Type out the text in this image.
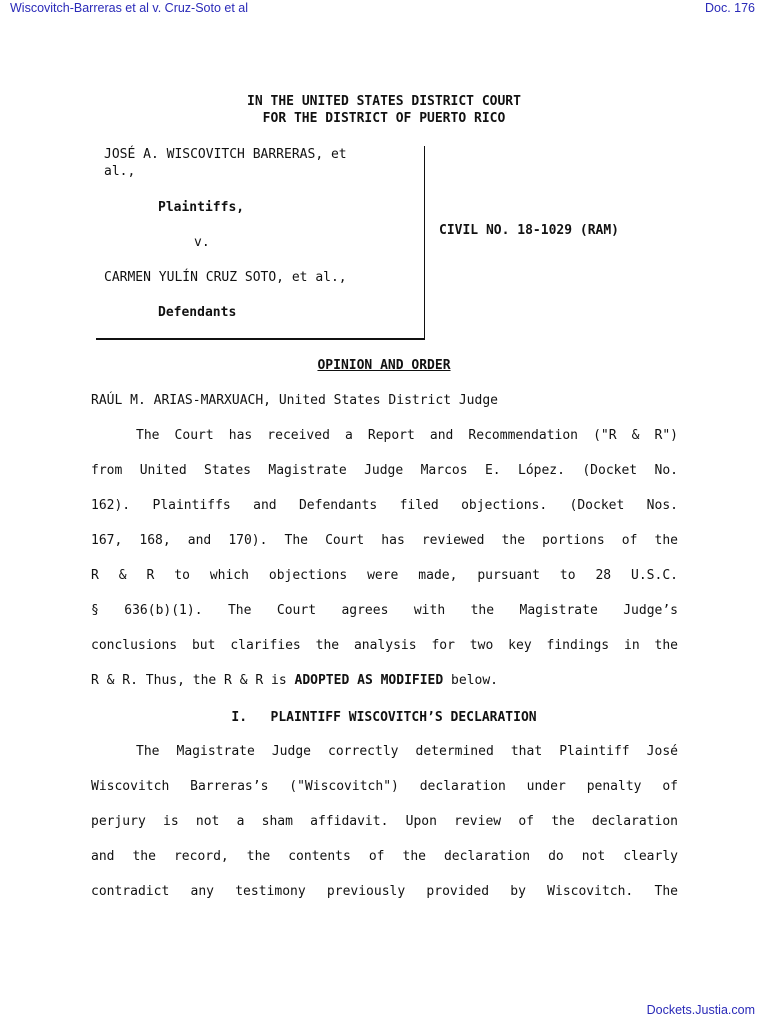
Wiscovitch-Barreras et al v. Cruz-Soto et al	Doc. 176
IN THE UNITED STATES DISTRICT COURT
FOR THE DISTRICT OF PUERTO RICO
JOSÉ A. WISCOVITCH BARRERAS, et
al.,
Plaintiffs,
v.
CARMEN YULÍN CRUZ SOTO, et al.,
Defendants
CIVIL NO. 18-1029 (RAM)
OPINION AND ORDER
RAÚL M. ARIAS-MARXUACH, United States District Judge
The Court has received a Report and Recommendation ("R & R")
from United States Magistrate Judge Marcos E. López. (Docket No.
162). Plaintiffs and Defendants filed objections. (Docket Nos.
167, 168, and 170). The Court has reviewed the portions of the
R & R to which objections were made, pursuant to 28 U.S.C.
§ 636(b)(1). The Court agrees with the Magistrate Judge’s
conclusions but clarifies the analysis for two key findings in the
R & R. Thus, the R & R is ADOPTED AS MODIFIED below.
I.   PLAINTIFF WISCOVITCH’S DECLARATION
The Magistrate Judge correctly determined that Plaintiff José
Wiscovitch Barreras’s ("Wiscovitch") declaration under penalty of
perjury is not a sham affidavit. Upon review of the declaration
and the record, the contents of the declaration do not clearly
contradict any testimony previously provided by Wiscovitch. The
Dockets.Justia.com
